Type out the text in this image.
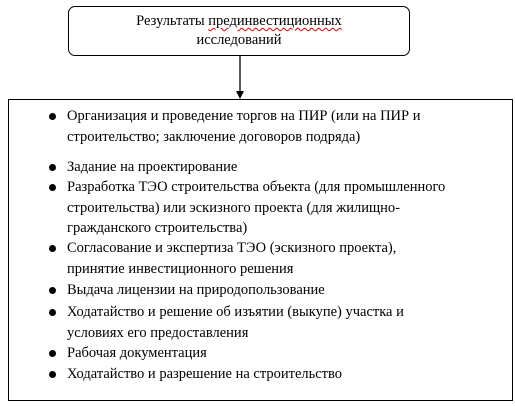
Результаты прединвестиционных
исследований
Организация и проведение торгов на ПИР (или на ПИР и
строительство; заключение договоров подряда)
Задание на проектирование
Разработка ТЭО строительства объекта (для промышленного
строительства) или эскизного проекта (для жилищно-
гражданского строительства)
Согласование и экспертиза ТЭО (эскизного проекта),
принятие инвестиционного решения
Выдача лицензии на природопользование
Ходатайство и решение об изъятии (выкупе) участка и
условиях его предоставления
Рабочая документация
Ходатайство и разрешение на строительство
